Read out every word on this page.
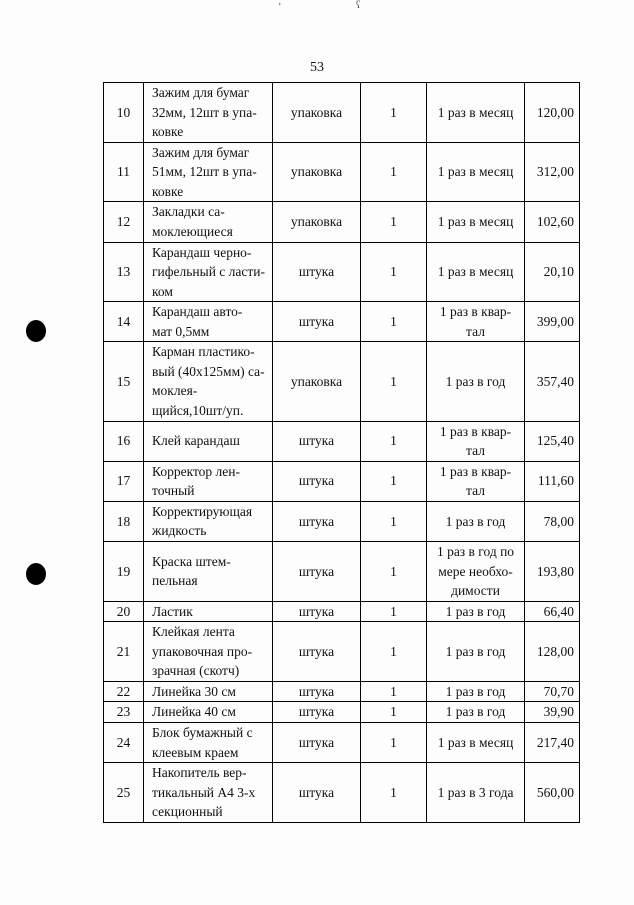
53
’	ʕ
10	Зажим для бумаг
32мм, 12шт в упа-
ковке	упаковка	1	1 раз в месяц	120,00
11	Зажим для бумаг
51мм, 12шт в упа-
ковке	упаковка	1	1 раз в месяц	312,00
12	Закладки са-
моклеющиеся	упаковка	1	1 раз в месяц	102,60
13	Карандаш черно-
гифельный с ласти-
ком	штука	1	1 раз в месяц	20,10
14	Карандаш авто-
мат 0,5мм	штука	1	1 раз в квар-
тал	399,00
15	Карман пластико-
вый (40х125мм) са-
моклея-
щийся,10шт/уп.	упаковка	1	1 раз в год	357,40
16	Клей карандаш	штука	1	1 раз в квар-
тал	125,40
17	Корректор лен-
точный	штука	1	1 раз в квар-
тал	111,60
18	Корректирующая
жидкость	штука	1	1 раз в год	78,00
19	Краска штем-
пельная	штука	1	1 раз в год по
мере необхо-
димости	193,80
20	Ластик	штука	1	1 раз в год	66,40
21	Клейкая лента
упаковочная про-
зрачная (скотч)	штука	1	1 раз в год	128,00
22	Линейка 30 см	штука	1	1 раз в год	70,70
23	Линейка 40 см	штука	1	1 раз в год	39,90
24	Блок бумажный с
клеевым краем	штука	1	1 раз в месяц	217,40
25	Накопитель вер-
тикальный А4 3-х
секционный	штука	1	1 раз в 3 года	560,00
